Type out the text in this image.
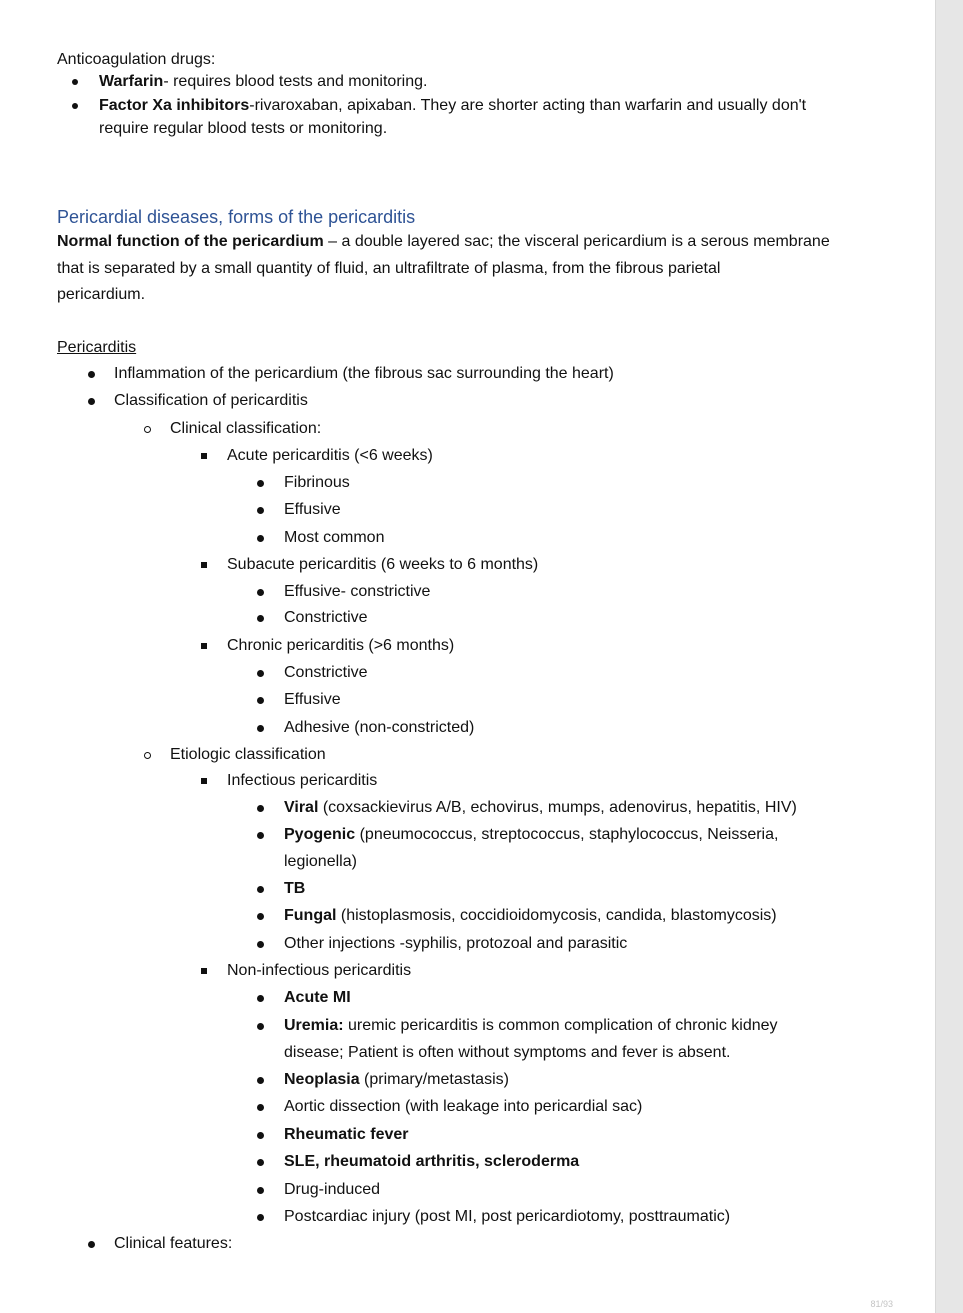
Anticoagulation drugs:
Warfarin- requires blood tests and monitoring.
Factor Xa inhibitors-rivaroxaban, apixaban. They are shorter acting than warfarin and usually don't
require regular blood tests or monitoring.
Pericardial diseases, forms of the pericarditis
Normal function of the pericardium – a double layered sac; the visceral pericardium is a serous membrane
that is separated by a small quantity of fluid, an ultrafiltrate of plasma, from the fibrous parietal
pericardium.
Pericarditis
Inflammation of the pericardium (the fibrous sac surrounding the heart)
Classification of pericarditis
Clinical classification:
Acute pericarditis (<6 weeks)
Fibrinous
Effusive
Most common
Subacute pericarditis (6 weeks to 6 months)
Effusive- constrictive
Constrictive
Chronic pericarditis (>6 months)
Constrictive
Effusive
Adhesive (non-constricted)
Etiologic classification
Infectious pericarditis
Viral (coxsackievirus A/B, echovirus, mumps, adenovirus, hepatitis, HIV)
Pyogenic (pneumococcus, streptococcus, staphylococcus, Neisseria,
legionella)
TB
Fungal (histoplasmosis, coccidioidomycosis, candida, blastomycosis)
Other injections -syphilis, protozoal and parasitic
Non-infectious pericarditis
Acute MI
Uremia: uremic pericarditis is common complication of chronic kidney
disease; Patient is often without symptoms and fever is absent.
Neoplasia (primary/metastasis)
Aortic dissection (with leakage into pericardial sac)
Rheumatic fever
SLE, rheumatoid arthritis, scleroderma
Drug-induced
Postcardiac injury (post MI, post pericardiotomy, posttraumatic)
Clinical features:
81/93
